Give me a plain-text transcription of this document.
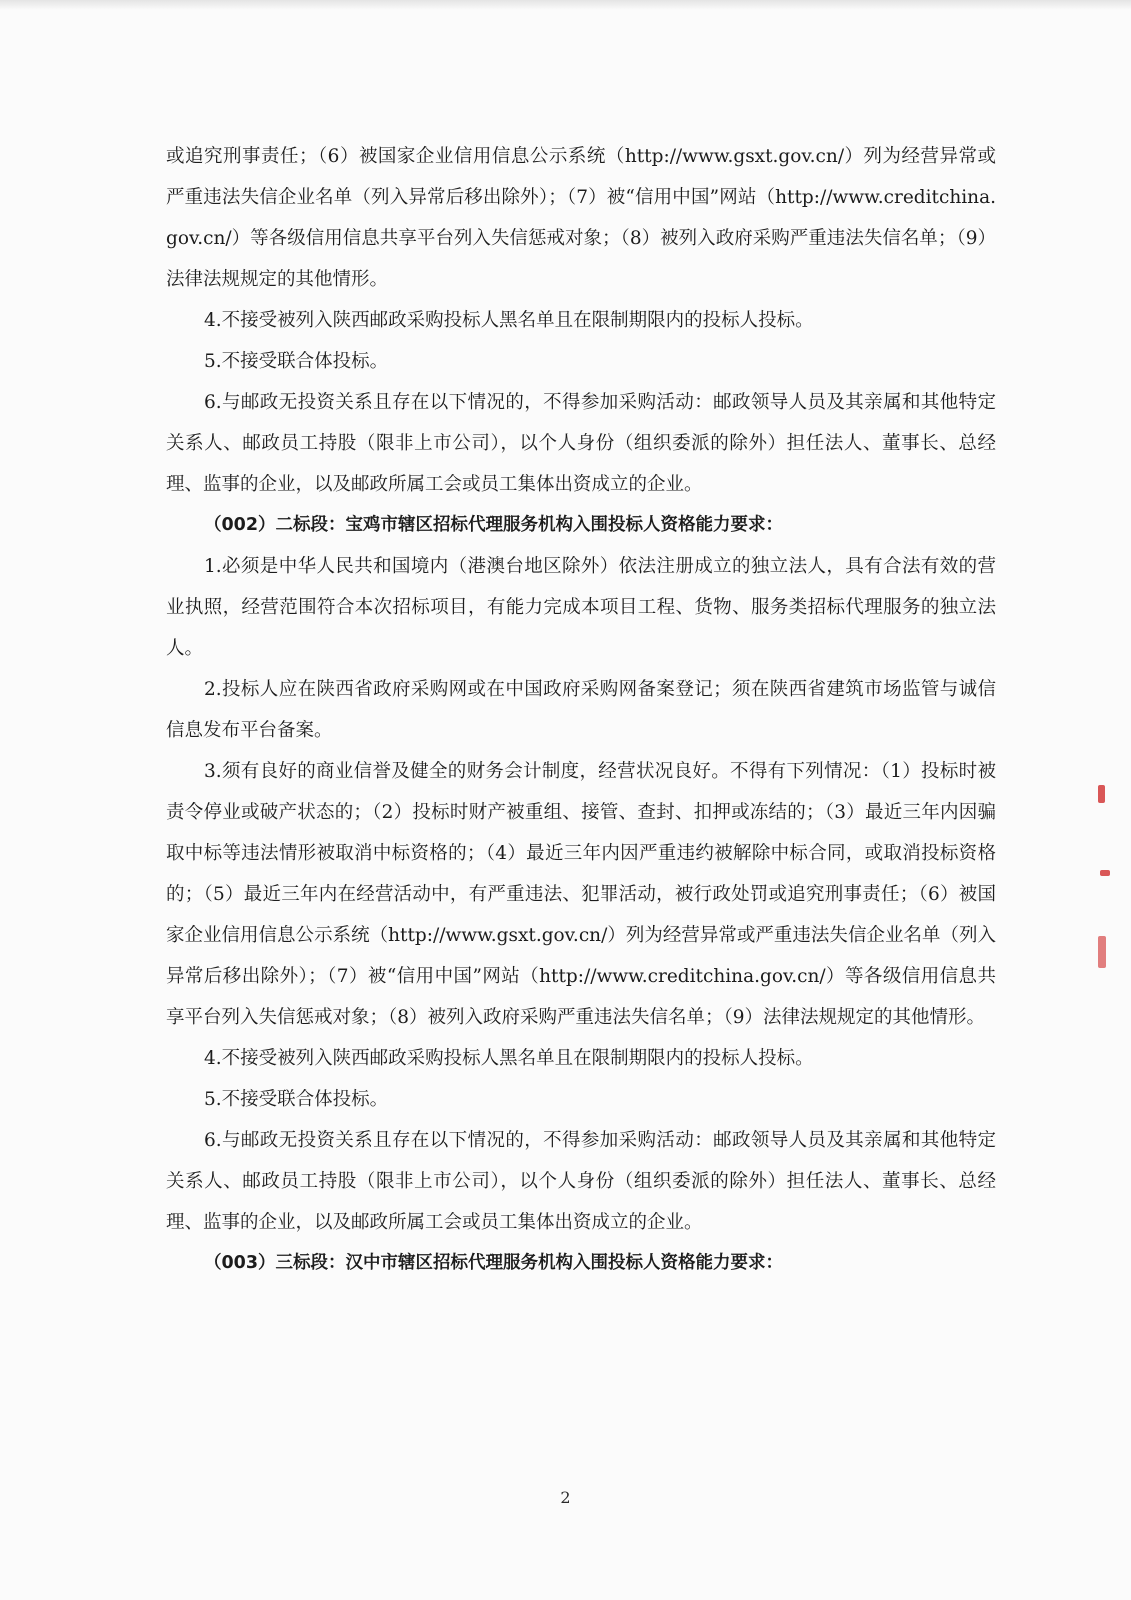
或追究刑事责任；（6）被国家企业信用信息公示系统（http://www.gsxt.gov.cn/）列为经营异常或严重违法失信企业名单（列入异常后移出除外）；（7）被“信用中国”网站（http://www.creditchina.gov.cn/）等各级信用信息共享平台列入失信惩戒对象；（8）被列入政府采购严重违法失信名单；（9）法律法规规定的其他情形。

4.不接受被列入陕西邮政采购投标人黑名单且在限制期限内的投标人投标。

5.不接受联合体投标。

6.与邮政无投资关系且存在以下情况的，不得参加采购活动：邮政领导人员及其亲属和其他特定关系人、邮政员工持股（限非上市公司），以个人身份（组织委派的除外）担任法人、董事长、总经理、监事的企业，以及邮政所属工会或员工集体出资成立的企业。

（002）二标段：宝鸡市辖区招标代理服务机构入围投标人资格能力要求：

1.必须是中华人民共和国境内（港澳台地区除外）依法注册成立的独立法人，具有合法有效的营业执照，经营范围符合本次招标项目，有能力完成本项目工程、货物、服务类招标代理服务的独立法人。

2.投标人应在陕西省政府采购网或在中国政府采购网备案登记；须在陕西省建筑市场监管与诚信信息发布平台备案。

3.须有良好的商业信誉及健全的财务会计制度，经营状况良好。不得有下列情况：（1）投标时被责令停业或破产状态的；（2）投标时财产被重组、接管、查封、扣押或冻结的；（3）最近三年内因骗取中标等违法情形被取消中标资格的；（4）最近三年内因严重违约被解除中标合同，或取消投标资格的；（5）最近三年内在经营活动中，有严重违法、犯罪活动，被行政处罚或追究刑事责任；（6）被国家企业信用信息公示系统（http://www.gsxt.gov.cn/）列为经营异常或严重违法失信企业名单（列入异常后移出除外）；（7）被“信用中国”网站（http://www.creditchina.gov.cn/）等各级信用信息共享平台列入失信惩戒对象；（8）被列入政府采购严重违法失信名单；（9）法律法规规定的其他情形。

4.不接受被列入陕西邮政采购投标人黑名单且在限制期限内的投标人投标。

5.不接受联合体投标。

6.与邮政无投资关系且存在以下情况的，不得参加采购活动：邮政领导人员及其亲属和其他特定关系人、邮政员工持股（限非上市公司），以个人身份（组织委派的除外）担任法人、董事长、总经理、监事的企业，以及邮政所属工会或员工集体出资成立的企业。

（003）三标段：汉中市辖区招标代理服务机构入围投标人资格能力要求：

2
